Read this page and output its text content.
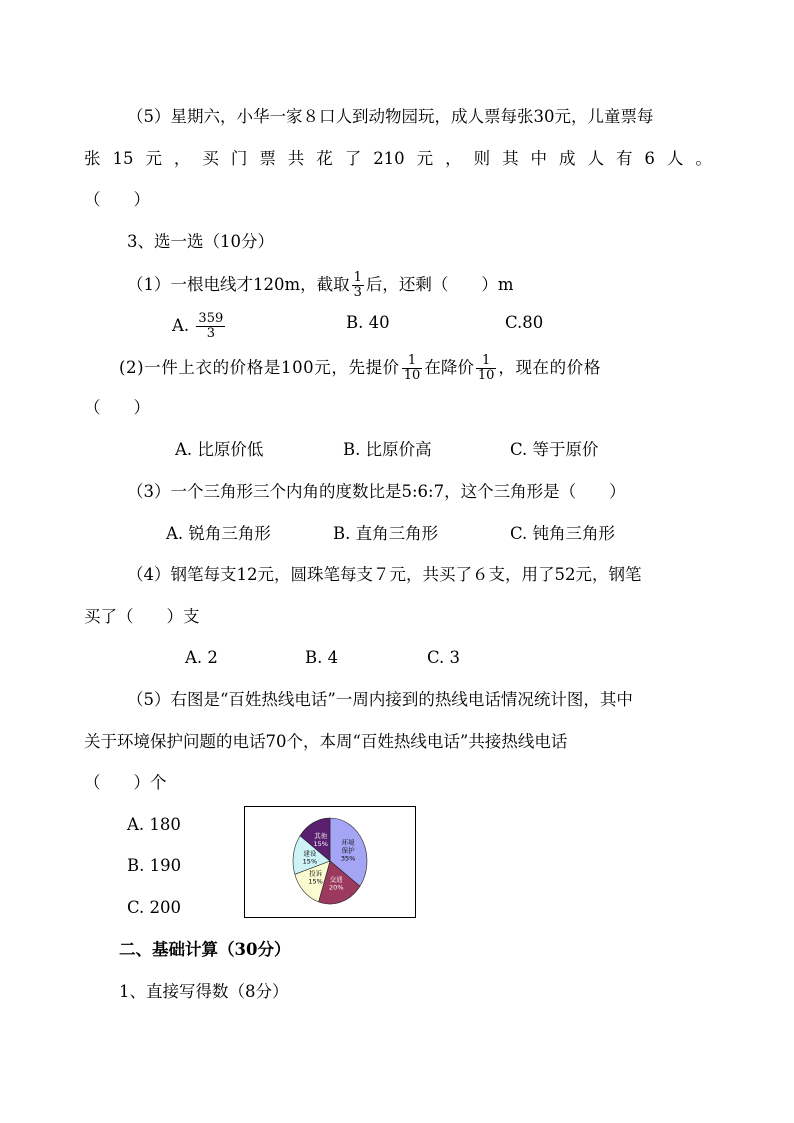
（5）星期六，小华一家８口人到动物园玩，成人票每张30元，儿童票每
张 15 元 ， 买 门 票 共 花 了 210 元 ， 则 其 中 成 人 有 6 人 。
（　　）
3、选一选（10分）
（1）一根电线才120m，截取 $\frac{1}{3}$ 后，还剩（　　）m
A. $\frac{359}{3}$	B. 40	C.80
(2)一件上衣的价格是100元，先提价 $\frac{1}{10}$ 在降价 $\frac{1}{10}$ ，现在的价格
（　　）
A. 比原价低	B. 比原价高	C. 等于原价
（3）一个三角形三个内角的度数比是5:6:7，这个三角形是（　　）
A. 锐角三角形	B. 直角三角形	C. 钝角三角形
（4）钢笔每支12元，圆珠笔每支７元，共买了６支，用了52元，钢笔
买了（　　）支
A. 2	B. 4	C. 3
（5）右图是“百姓热线电话”一周内接到的热线电话情况统计图，其中
关于环境保护问题的电话70个，本周“百姓热线电话”共接热线电话
（　　）个
A. 180
B. 190
C. 200
环境
保护
35%
交通
20%
投诉
15%
建设
15%
其他
15%
二、基础计算（30分）
1、直接写得数（8分）
